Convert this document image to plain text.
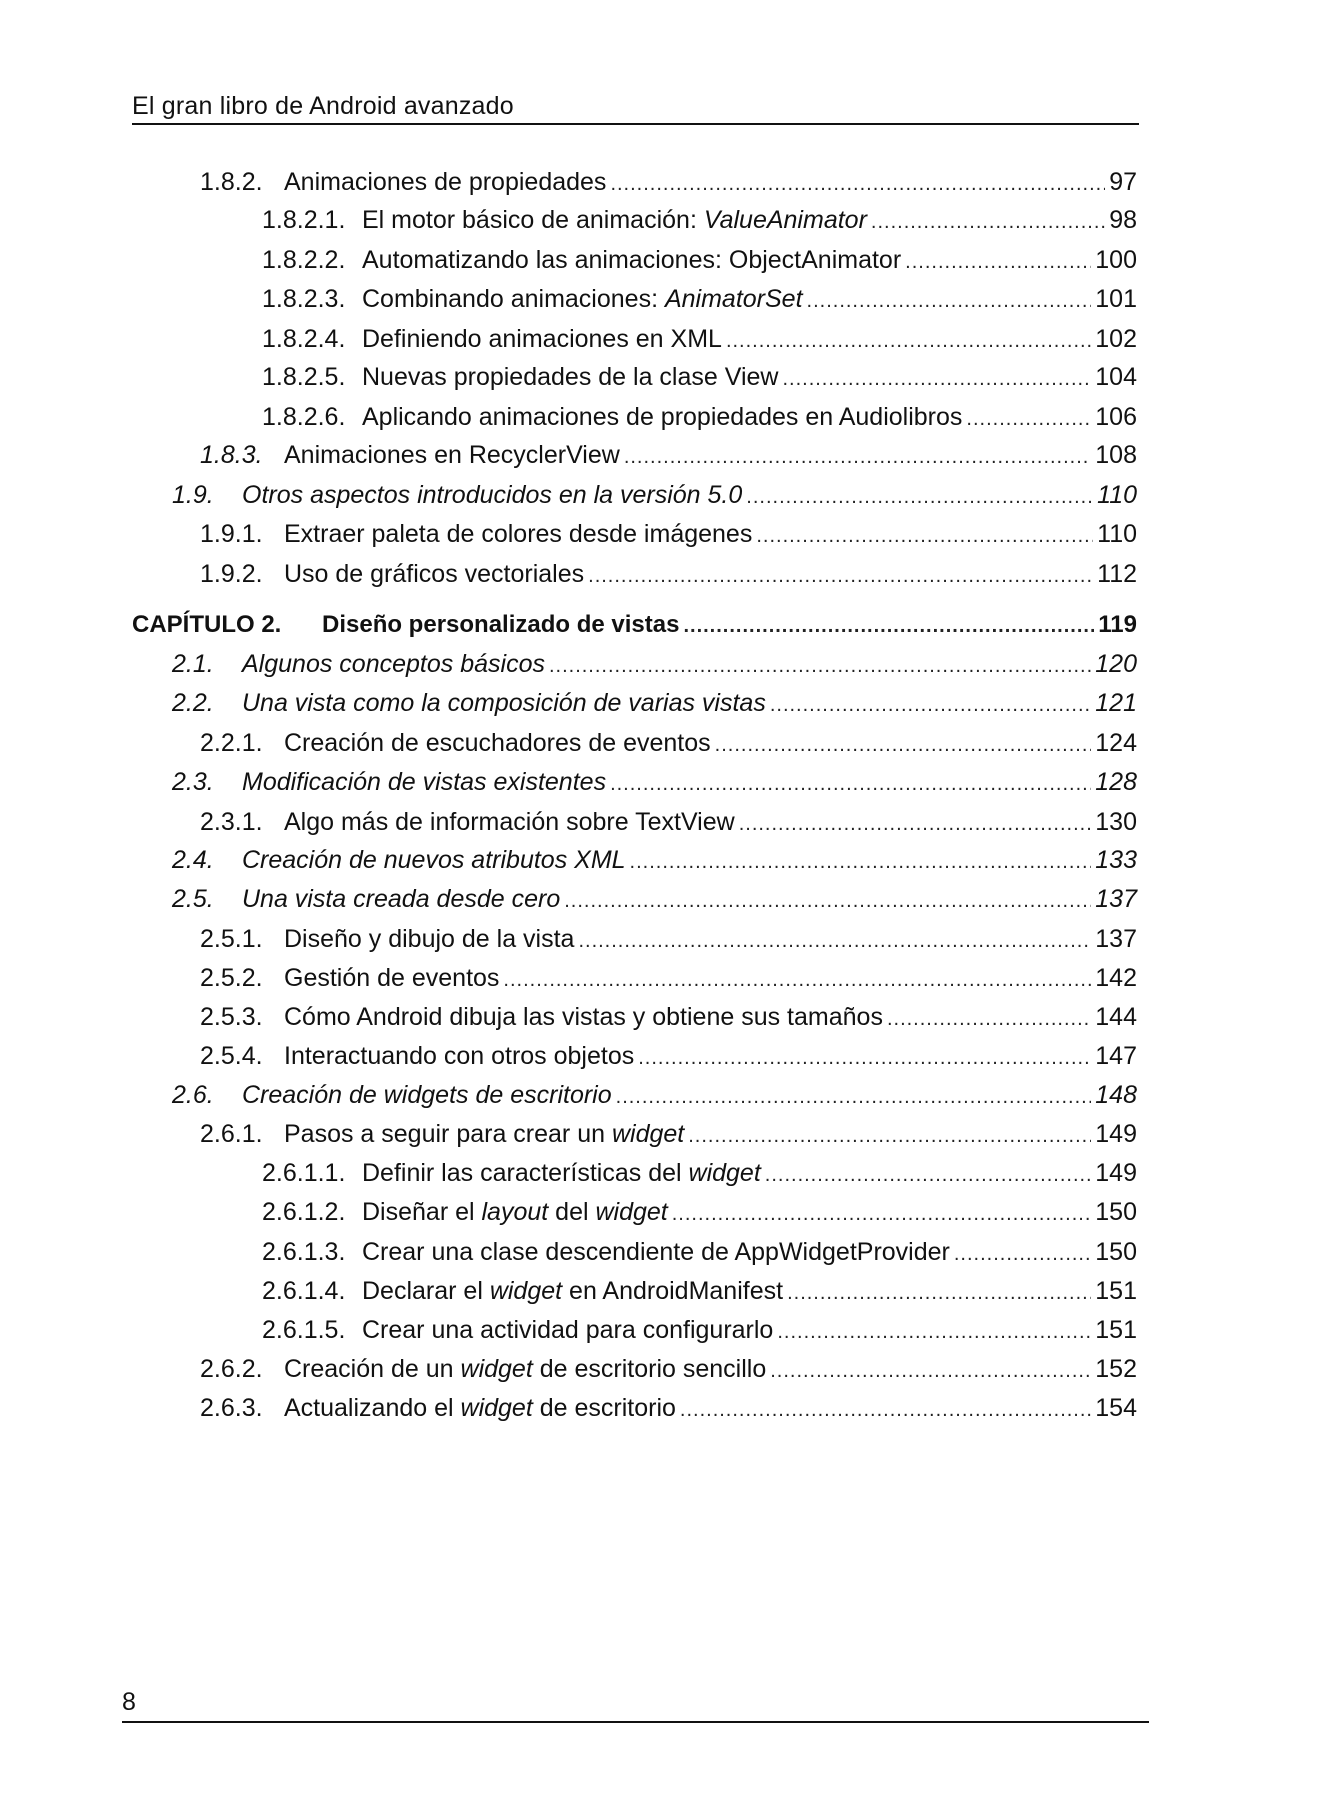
El gran libro de Android avanzado
1.8.2. Animaciones de propiedades .....	97
1.8.2.1. El motor básico de animación: ValueAnimator .....	98
1.8.2.2. Automatizando las animaciones: ObjectAnimator .....	100
1.8.2.3. Combinando animaciones: AnimatorSet .....	101
1.8.2.4. Definiendo animaciones en XML .....	102
1.8.2.5. Nuevas propiedades de la clase View .....	104
1.8.2.6. Aplicando animaciones de propiedades en Audiolibros .....	106
1.8.3. Animaciones en RecyclerView .....	108
1.9.	Otros aspectos introducidos en la versión 5.0 .....	110
1.9.1. Extraer paleta de colores desde imágenes .....	110
1.9.2. Uso de gráficos vectoriales .....	112
CAPÍTULO 2.	Diseño personalizado de vistas .....	119
2.1.	Algunos conceptos básicos .....	120
2.2.	Una vista como la composición de varias vistas .....	121
2.2.1. Creación de escuchadores de eventos .....	124
2.3.	Modificación de vistas existentes .....	128
2.3.1. Algo más de información sobre TextView .....	130
2.4.	Creación de nuevos atributos XML .....	133
2.5.	Una vista creada desde cero .....	137
2.5.1. Diseño y dibujo de la vista .....	137
2.5.2. Gestión de eventos .....	142
2.5.3. Cómo Android dibuja las vistas y obtiene sus tamaños .....	144
2.5.4. Interactuando con otros objetos .....	147
2.6.	Creación de widgets de escritorio .....	148
2.6.1. Pasos a seguir para crear un widget .....	149
2.6.1.1. Definir las características del widget .....	149
2.6.1.2. Diseñar el layout del widget .....	150
2.6.1.3. Crear una clase descendiente de AppWidgetProvider .....	150
2.6.1.4. Declarar el widget en AndroidManifest .....	151
2.6.1.5. Crear una actividad para configurarlo .....	151
2.6.2. Creación de un widget de escritorio sencillo .....	152
2.6.3. Actualizando el widget de escritorio .....	154
8
